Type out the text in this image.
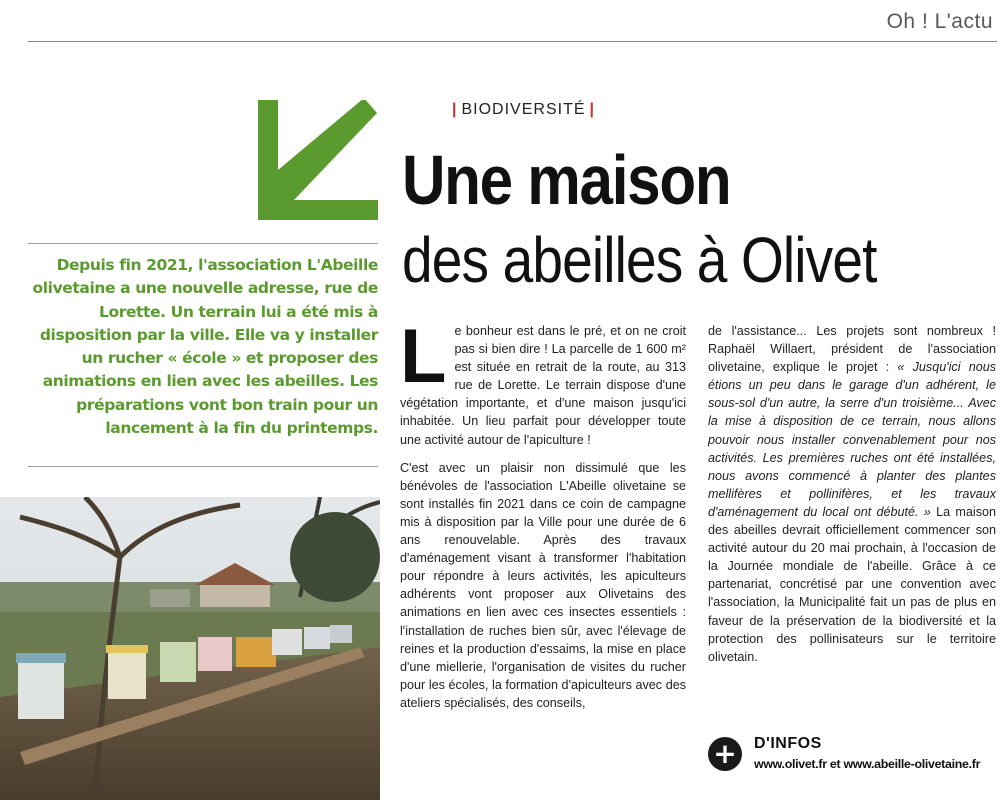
Oh ! L'actu
| BIODIVERSITÉ |
Une maison
des abeilles à Olivet

Depuis fin 2021, l'association L'Abeille olivetaine a une nouvelle adresse, rue de Lorette. Un terrain lui a été mis à disposition par la ville. Elle va y installer un rucher « école » et proposer des animations en lien avec les abeilles. Les préparations vont bon train pour un lancement à la fin du printemps.

L e bonheur est dans le pré, et on ne croit pas si bien dire ! La parcelle de 1 600 m² est située en retrait de la route, au 313 rue de Lorette. Le terrain dispose d'une végétation importante, et d'une maison jusqu'ici inhabitée. Un lieu parfait pour développer toute une activité autour de l'apiculture !

C'est avec un plaisir non dissimulé que les bénévoles de l'association L'Abeille olivetaine se sont installés fin 2021 dans ce coin de campagne mis à disposition par la Ville pour une durée de 6 ans renouvelable. Après des travaux d'aménagement visant à transformer l'habitation pour répondre à leurs activités, les apiculteurs adhérents vont proposer aux Olivetains des animations en lien avec ces insectes essentiels : l'installation de ruches bien sûr, avec l'élevage de reines et la production d'essaims, la mise en place d'une miellerie, l'organisation de visites du rucher pour les écoles, la formation d'apiculteurs avec des ateliers spécialisés, des conseils,

de l'assistance... Les projets sont nombreux ! Raphaël Willaert, président de l'association olivetaine, explique le projet : « Jusqu'ici nous étions un peu dans le garage d'un adhérent, le sous-sol d'un autre, la serre d'un troisième... Avec la mise à disposition de ce terrain, nous allons pouvoir nous installer convenablement pour nos activités. Les premières ruches ont été installées, nous avons commencé à planter des plantes mellifères et pollinifères, et les travaux d'aménagement du local ont débuté. » La maison des abeilles devrait officiellement commencer son activité autour du 20 mai prochain, à l'occasion de la Journée mondiale de l'abeille. Grâce à ce partenariat, concrétisé par une convention avec l'association, la Municipalité fait un pas de plus en faveur de la préservation de la biodiversité et la protection des pollinisateurs sur le territoire olivetain.

+	D'INFOS
www.olivet.fr et www.abeille-olivetaine.fr
